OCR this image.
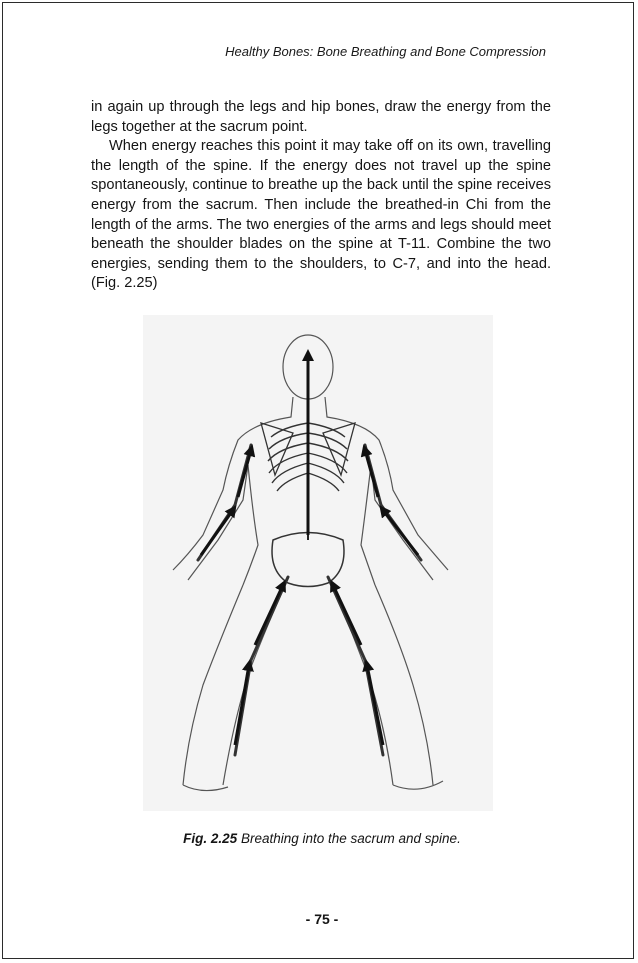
Healthy Bones: Bone Breathing and Bone Compression

in again up through the legs and hip bones, draw the energy from the legs together at the sacrum point.

When energy reaches this point it may take off on its own, travelling the length of the spine. If the energy does not travel up the spine spontaneously, continue to breathe up the back until the spine receives energy from the sacrum. Then include the breathed-in Chi from the length of the arms. The two energies of the arms and legs should meet beneath the shoulder blades on the spine at T-11. Combine the two energies, sending them to the shoulders, to C-7, and into the head. (Fig. 2.25)

Fig. 2.25 Breathing into the sacrum and spine.
- 75 -
